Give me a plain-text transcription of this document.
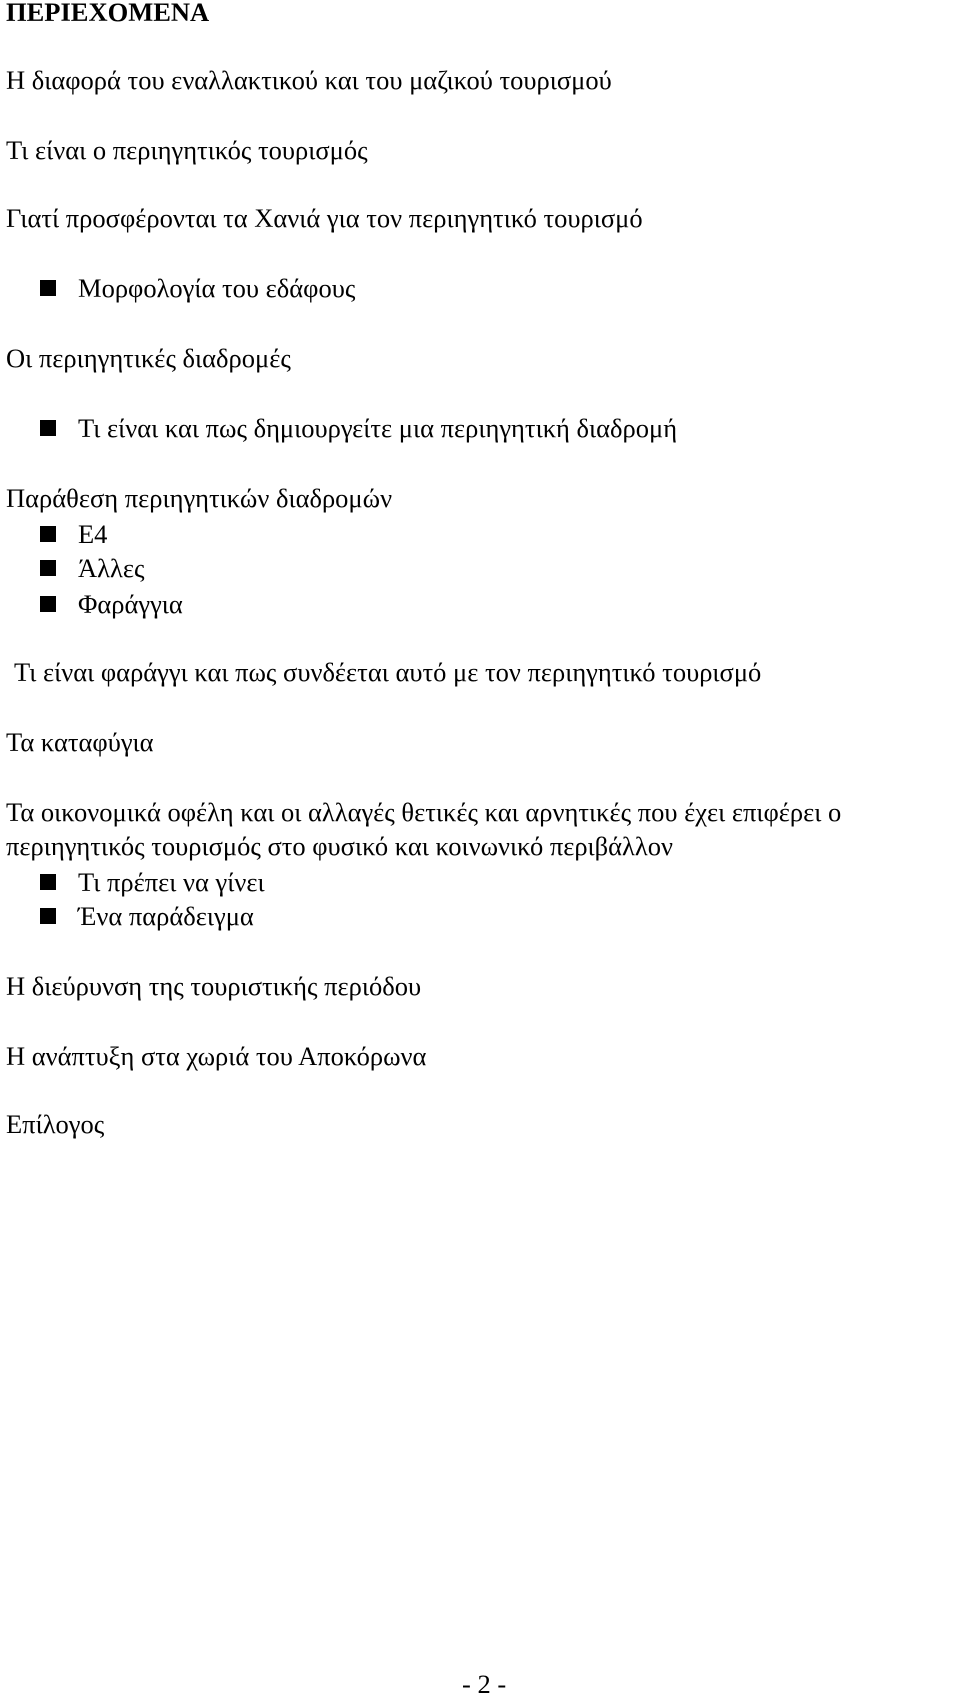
ΠΕΡΙΕΧΟΜΕΝΑ
Η διαφορά του εναλλακτικού και του μαζικού τουρισμού
Τι είναι ο περιηγητικός τουρισμός
Γιατί προσφέρονται τα Χανιά για τον περιηγητικό τουρισμό
Μορφολογία του εδάφους
Οι περιηγητικές διαδρομές
Τι είναι και πως δημιουργείτε μια περιηγητική διαδρομή
Παράθεση περιηγητικών διαδρομών
Ε4
Άλλες
Φαράγγια
Τι είναι φαράγγι και πως συνδέεται αυτό με τον περιηγητικό τουρισμό
Τα καταφύγια
Τα οικονομικά οφέλη και οι αλλαγές θετικές και αρνητικές που έχει επιφέρει ο
περιηγητικός τουρισμός στο φυσικό και κοινωνικό περιβάλλον
Τι πρέπει να γίνει
Ένα παράδειγμα
Η διεύρυνση της τουριστικής περιόδου
Η ανάπτυξη στα χωριά του Αποκόρωνα
Επίλογος
- 2 -
